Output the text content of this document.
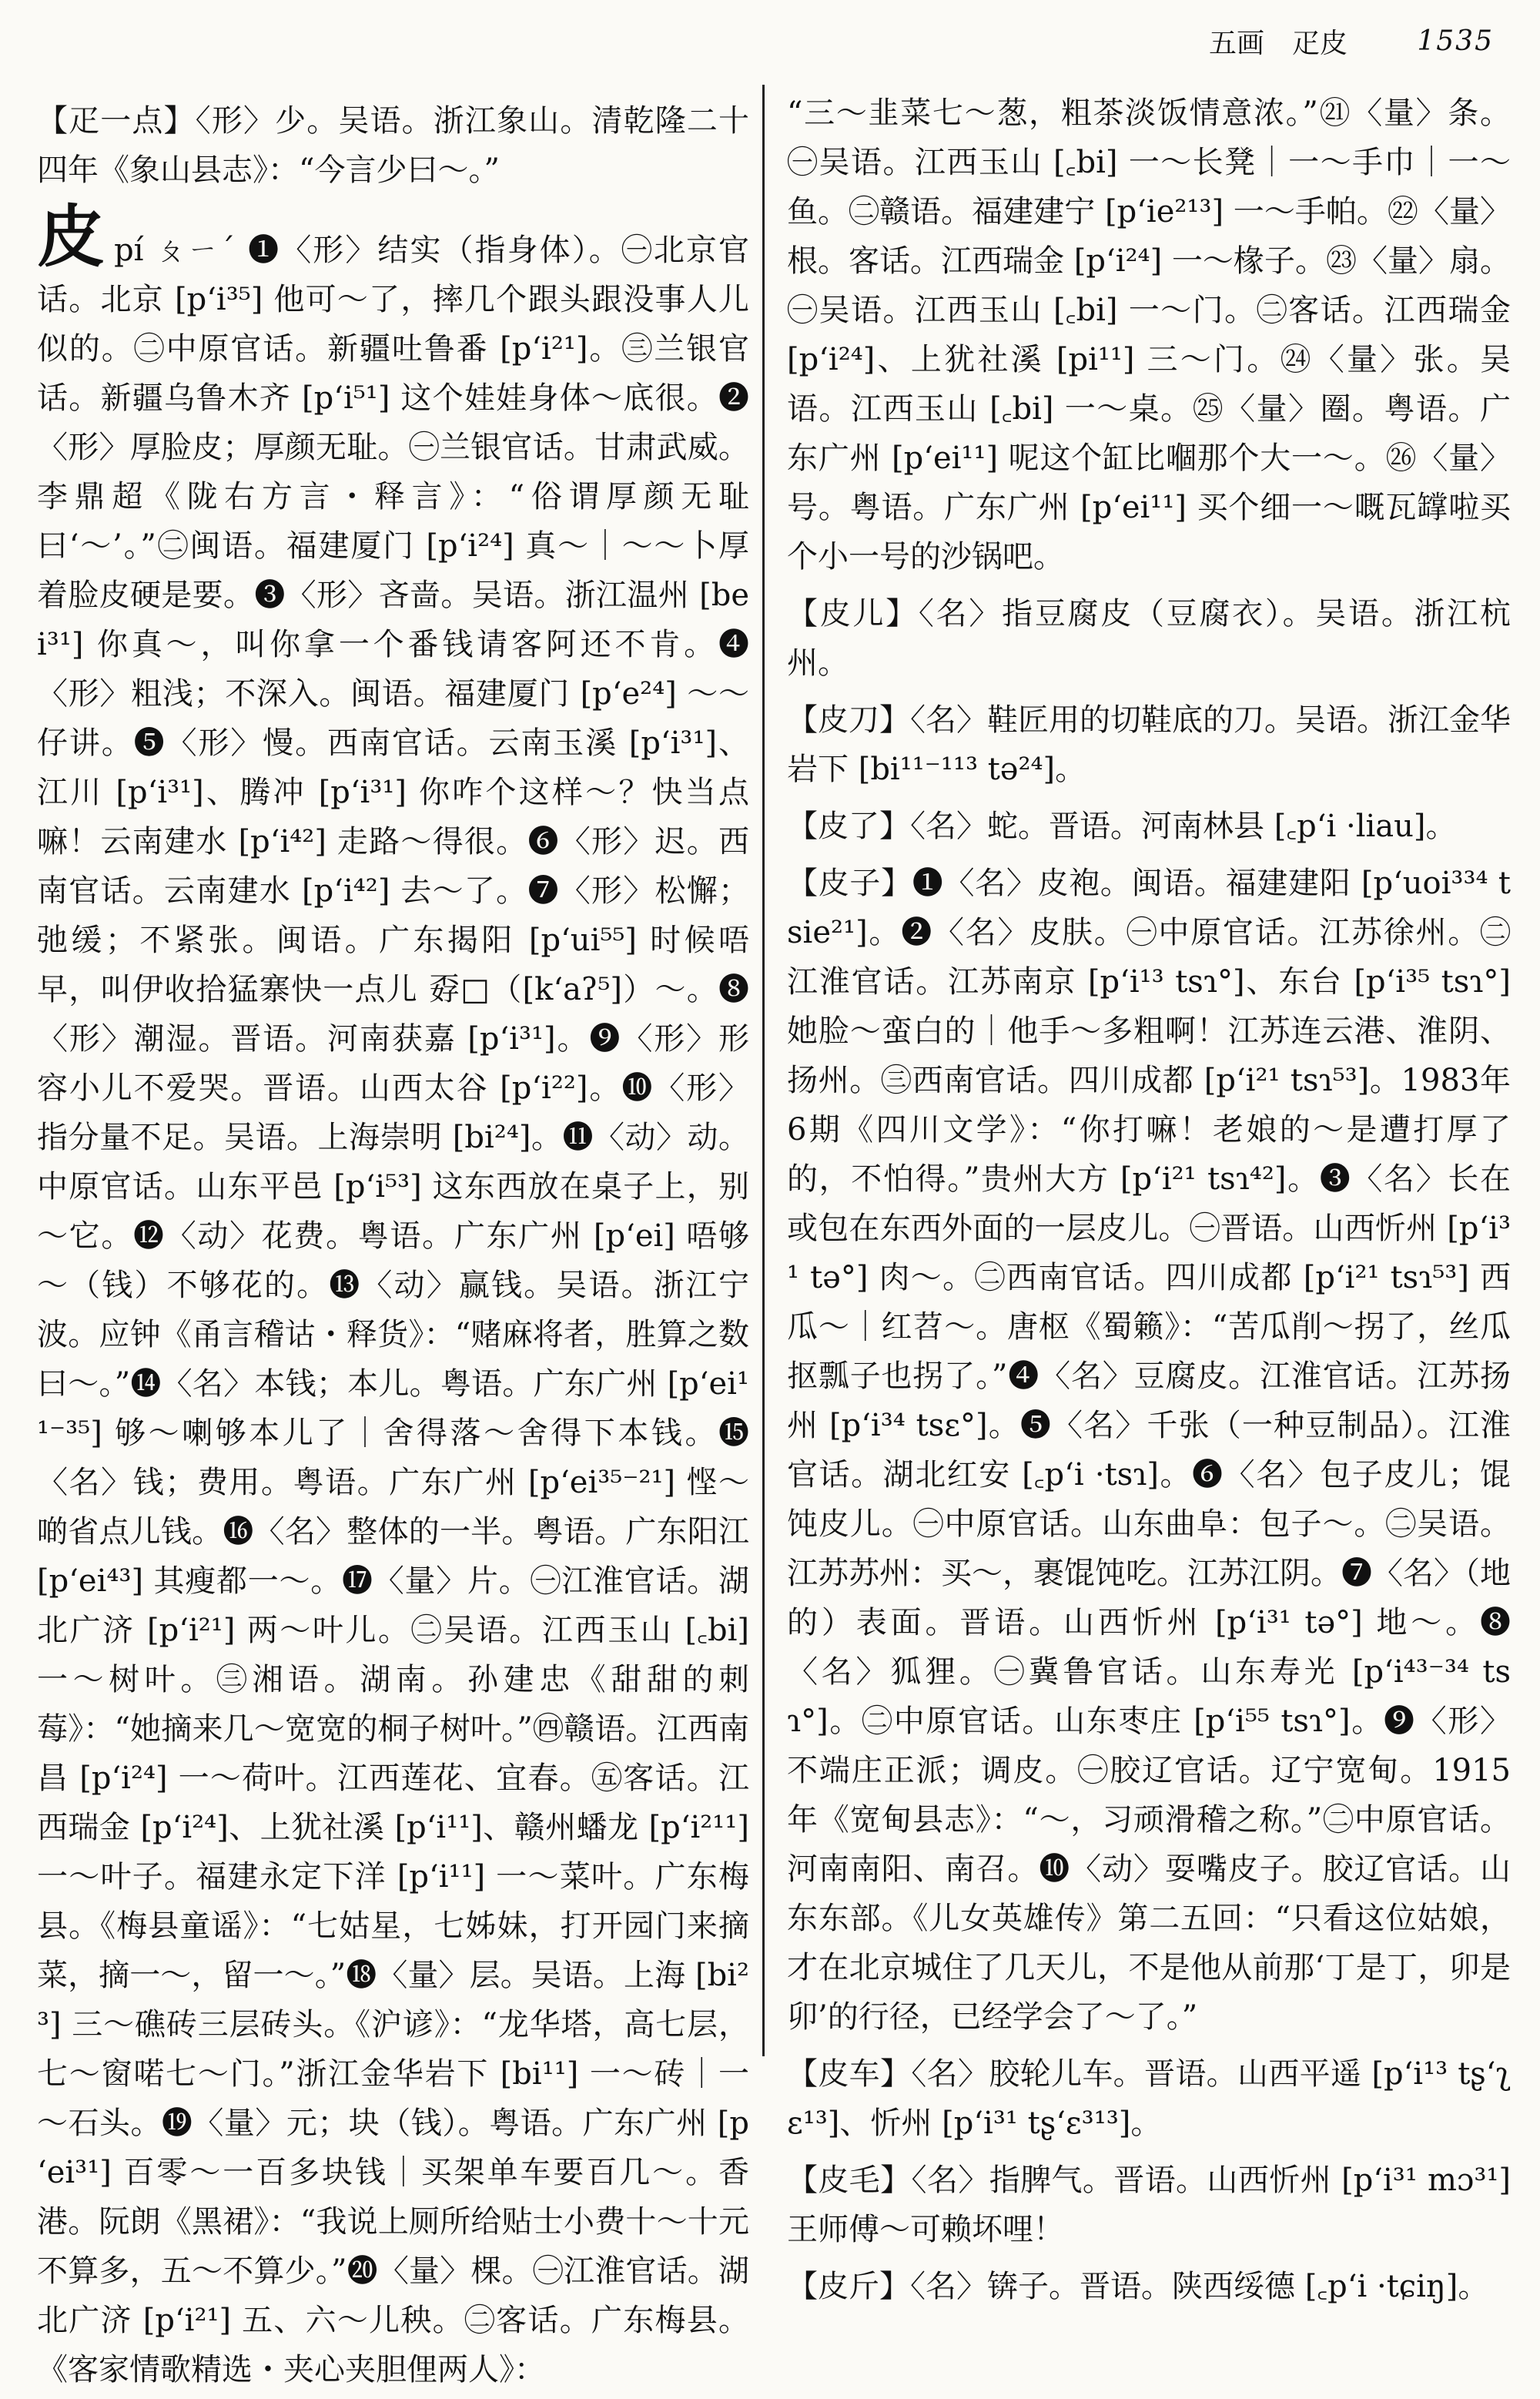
五画　疋皮	1535

【疋一点】〈形〉少。吴语。浙江象山。清乾隆二十四年《象山县志》：“今言少曰～。”

皮pí ㄆㄧˊ ❶〈形〉结实（指身体）。㊀北京官话。北京 [pʻi³⁵] 他可～了，摔几个跟头跟没事人儿似的。㊁中原官话。新疆吐鲁番 [pʻi²¹]。㊂兰银官话。新疆乌鲁木齐 [pʻi⁵¹] 这个娃娃身体～底很。❷〈形〉厚脸皮；厚颜无耻。㊀兰银官话。甘肃武威。李鼎超《陇右方言・释言》：“俗谓厚颜无耻曰‘～’。”㊁闽语。福建厦门 [pʻi²⁴] 真～｜～～卜厚着脸皮硬是要。❸〈形〉吝啬。吴语。浙江温州 [bei³¹] 你真～，叫你拿一个番钱请客阿还不肯。❹〈形〉粗浅；不深入。闽语。福建厦门 [pʻe²⁴] ～～仔讲。❺〈形〉慢。西南官话。云南玉溪 [pʻi³¹]、江川 [pʻi³¹]、腾冲 [pʻi³¹] 你咋个这样～？快当点嘛！云南建水 [pʻi⁴²] 走路～得很。❻〈形〉迟。西南官话。云南建水 [pʻi⁴²] 去～了。❼〈形〉松懈；弛缓；不紧张。闽语。广东揭阳 [pʻui⁵⁵] 时候唔早，叫伊收拾猛寨快一点儿 孬□（[kʻaʔ⁵]）～。❽〈形〉潮湿。晋语。河南获嘉 [pʻi³¹]。❾〈形〉形容小儿不爱哭。晋语。山西太谷 [pʻi²²]。❿〈形〉指分量不足。吴语。上海崇明 [bi²⁴]。⓫〈动〉动。中原官话。山东平邑 [pʻi⁵³] 这东西放在桌子上，别～它。⓬〈动〉花费。粤语。广东广州 [pʻei] 唔够～（钱）不够花的。⓭〈动〉赢钱。吴语。浙江宁波。应钟《甬言稽诂・释货》：“赌麻将者，胜算之数曰～。”⓮〈名〉本钱；本儿。粤语。广东广州 [pʻei¹¹⁻³⁵] 够～喇够本儿了｜舍得落～舍得下本钱。⓯〈名〉钱；费用。粤语。广东广州 [pʻei³⁵⁻²¹] 悭～啲省点儿钱。⓰〈名〉整体的一半。粤语。广东阳江 [pʻei⁴³] 其瘦都一～。⓱〈量〉片。㊀江淮官话。湖北广济 [pʻi²¹] 两～叶儿。㊁吴语。江西玉山 [꜀bi] 一～树叶。㊂湘语。湖南。孙建忠《甜甜的刺莓》：“她摘来几～宽宽的桐子树叶。”㊃赣语。江西南昌 [pʻi²⁴] 一～荷叶。江西莲花、宜春。㊄客话。江西瑞金 [pʻi²⁴]、上犹社溪 [pʻi¹¹]、赣州蟠龙 [pʻi²¹¹] 一～叶子。福建永定下洋 [pʻi¹¹] 一～菜叶。广东梅县。《梅县童谣》：“七姑星，七姊妹，打开园门来摘菜，摘一～，留一～。”⓲〈量〉层。吴语。上海 [bi²³] 三～礁砖三层砖头。《沪谚》：“龙华塔，高七层，七～窗喏七～门。”浙江金华岩下 [bi¹¹] 一～砖｜一～石头。⓳〈量〉元；块（钱）。粤语。广东广州 [pʻei³¹] 百零～一百多块钱｜买架单车要百几～。香港。阮朗《黑裙》：“我说上厕所给贴士小费十～十元不算多，五～不算少。”⓴〈量〉棵。㊀江淮官话。湖北广济 [pʻi²¹] 五、六～儿秧。㊁客话。广东梅县。《客家情歌精选・夹心夹胆俚两人》：

“三～韭菜七～葱，粗茶淡饭情意浓。”㉑〈量〉条。㊀吴语。江西玉山 [꜀bi] 一～长凳｜一～手巾｜一～鱼。㊁赣语。福建建宁 [pʻie²¹³] 一～手帕。㉒〈量〉根。客话。江西瑞金 [pʻi²⁴] 一～椽子。㉓〈量〉扇。㊀吴语。江西玉山 [꜀bi] 一～门。㊁客话。江西瑞金 [pʻi²⁴]、上犹社溪 [pi¹¹] 三～门。㉔〈量〉张。吴语。江西玉山 [꜀bi] 一～桌。㉕〈量〉圈。粤语。广东广州 [pʻei¹¹] 呢这个缸比嗰那个大一～。㉖〈量〉号。粤语。广东广州 [pʻei¹¹] 买个细一～嘅瓦罉啦买个小一号的沙锅吧。

【皮儿】〈名〉指豆腐皮（豆腐衣）。吴语。浙江杭州。

【皮刀】〈名〉鞋匠用的切鞋底的刀。吴语。浙江金华岩下 [bi¹¹⁻¹¹³ tə²⁴]。

【皮了】〈名〉蛇。晋语。河南林县 [꜀pʻi ·liau]。

【皮子】❶〈名〉皮袍。闽语。福建建阳 [pʻuoi³³⁴ tsie²¹]。❷〈名〉皮肤。㊀中原官话。江苏徐州。㊁江淮官话。江苏南京 [pʻi¹³ tsɿ°]、东台 [pʻi³⁵ tsɿ°] 她脸～蛮白的｜他手～多粗啊！江苏连云港、淮阴、扬州。㊂西南官话。四川成都 [pʻi²¹ tsɿ⁵³]。1983年6期《四川文学》：“你打嘛！老娘的～是遭打厚了的，不怕得。”贵州大方 [pʻi²¹ tsɿ⁴²]。❸〈名〉长在或包在东西外面的一层皮儿。㊀晋语。山西忻州 [pʻi³¹ tə°] 肉～。㊁西南官话。四川成都 [pʻi²¹ tsɿ⁵³] 西瓜～｜红苕～。唐枢《蜀籁》：“苦瓜削～拐了，丝瓜抠瓢子也拐了。”❹〈名〉豆腐皮。江淮官话。江苏扬州 [pʻi³⁴ tsɛ°]。❺〈名〉千张（一种豆制品）。江淮官话。湖北红安 [꜀pʻi ·tsɿ]。❻〈名〉包子皮儿；馄饨皮儿。㊀中原官话。山东曲阜：包子～。㊁吴语。江苏苏州：买～，裹馄饨吃。江苏江阴。❼〈名〉（地的）表面。晋语。山西忻州 [pʻi³¹ tə°] 地～。❽〈名〉狐狸。㊀冀鲁官话。山东寿光 [pʻi⁴³⁻³⁴ tsɿ°]。㊁中原官话。山东枣庄 [pʻi⁵⁵ tsɿ°]。❾〈形〉不端庄正派；调皮。㊀胶辽官话。辽宁宽甸。1915年《宽甸县志》：“～，习顽滑稽之称。”㊁中原官话。河南南阳、南召。❿〈动〉耍嘴皮子。胶辽官话。山东东部。《儿女英雄传》第二五回：“只看这位姑娘，才在北京城住了几天儿，不是他从前那‘丁是丁，卯是卯’的行径，已经学会了～了。”

【皮车】〈名〉胶轮儿车。晋语。山西平遥 [pʻi¹³ tʂʻʅɛ¹³]、忻州 [pʻi³¹ tʂʻɛ³¹³]。

【皮毛】〈名〉指脾气。晋语。山西忻州 [pʻi³¹ mɔ³¹] 王师傅～可赖坏哩！

【皮斤】〈名〉锛子。晋语。陕西绥德 [꜀pʻi ·tɕiŋ]。
